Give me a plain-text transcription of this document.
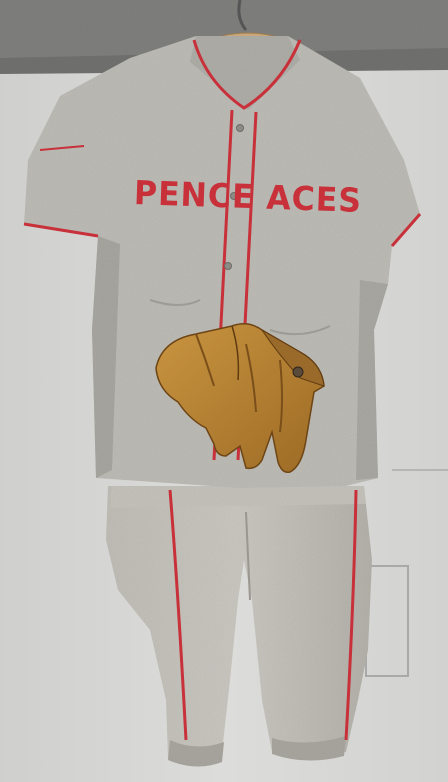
PENCE ACES
